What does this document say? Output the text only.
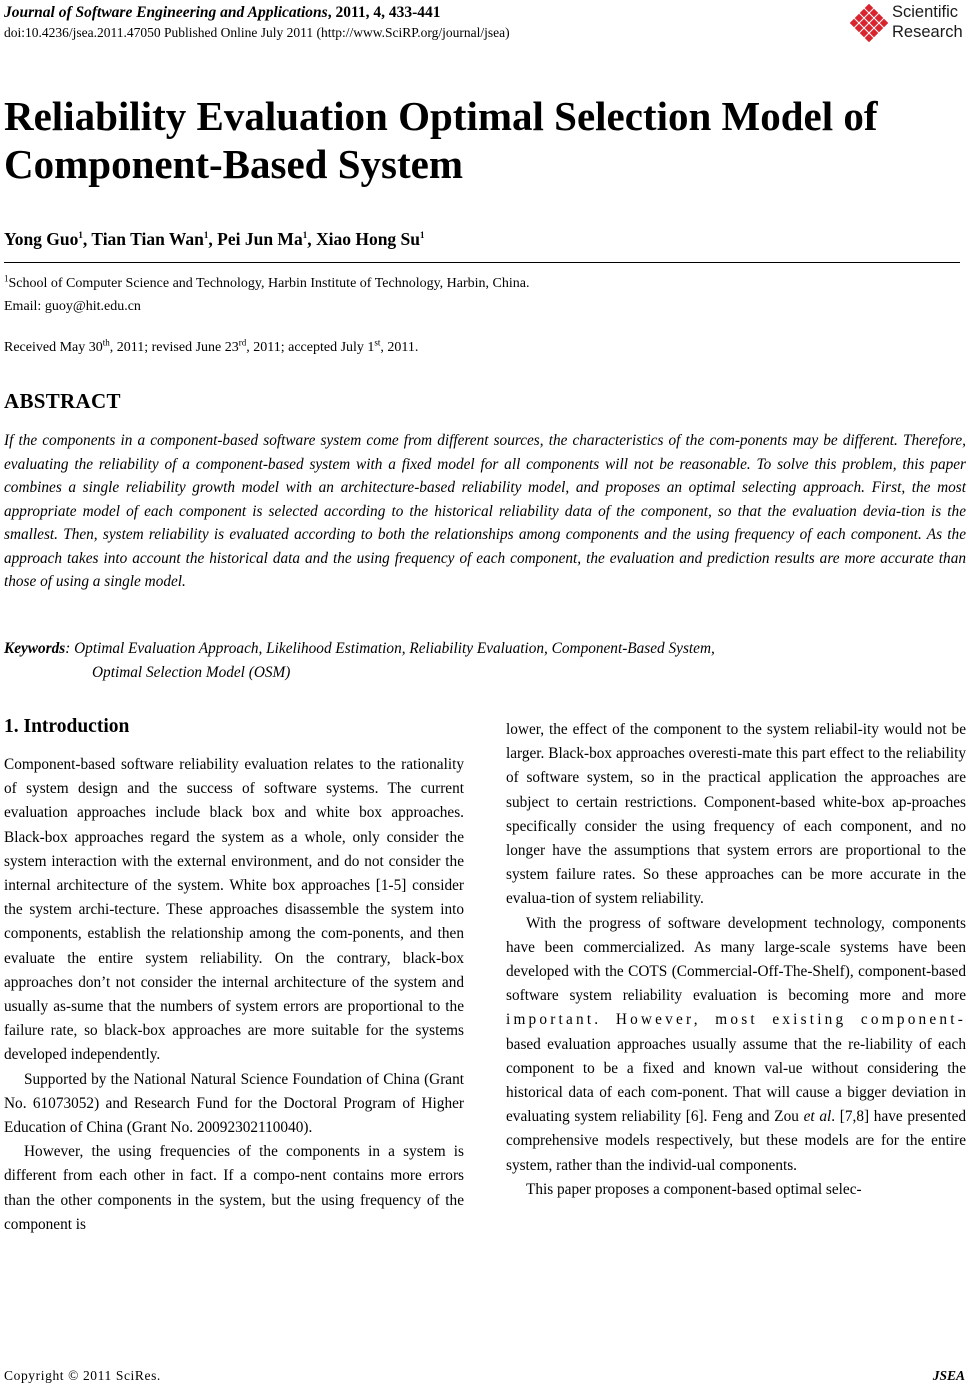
Journal of Software Engineering and Applications, 2011, 4, 433-441
doi:10.4236/jsea.2011.47050 Published Online July 2011 (http://www.SciRP.org/journal/jsea)
Scientific
Research
Reliability Evaluation Optimal Selection Model of
Component-Based System
Yong Guo$^1$, Tian Tian Wan$^1$, Pei Jun Ma$^1$, Xiao Hong Su$^1$
$^1$School of Computer Science and Technology, Harbin Institute of Technology, Harbin, China.
Email: guoy@hit.edu.cn
Received May 30th, 2011; revised June 23rd, 2011; accepted July 1st, 2011.
ABSTRACT

If the components in a component-based software system come from different sources, the characteristics of the com-ponents may be different. Therefore, evaluating the reliability of a component-based system with a fixed model for all components will not be reasonable. To solve this problem, this paper combines a single reliability growth model with an architecture-based reliability model, and proposes an optimal selecting approach. First, the most appropriate model of each component is selected according to the historical reliability data of the component, so that the evaluation devia-tion is the smallest. Then, system reliability is evaluated according to both the relationships among components and the using frequency of each component. As the approach takes into account the historical data and the using frequency of each component, the evaluation and prediction results are more accurate than those of using a single model.

Keywords: Optimal Evaluation Approach, Likelihood Estimation, Reliability Evaluation, Component-Based System,
Optimal Selection Model (OSM)

1. Introduction

Component-based software reliability evaluation relates to the rationality of system design and the success of software systems. The current evaluation approaches include black box and white box approaches. Black-box approaches regard the system as a whole, only consider the system interaction with the external environment, and do not consider the internal architecture of the system. White box approaches [1-5] consider the system archi-tecture. These approaches disassemble the system into components, establish the relationship among the com-ponents, and then evaluate the entire system reliability. On the contrary, black-box approaches don’t not consider the internal architecture of the system and usually as-sume that the numbers of system errors are proportional to the failure rate, so black-box approaches are more suitable for the systems developed independently.

Supported by the National Natural Science Foundation of China (Grant No. 61073052) and Research Fund for the Doctoral Program of Higher Education of China (Grant No. 20092302110040).

However, the using frequencies of the components in a system is different from each other in fact. If a compo-nent contains more errors than the other components in the system, but the using frequency of the component is

lower, the effect of the component to the system reliabil-ity would not be larger. Black-box approaches overesti-mate this part effect to the reliability of software system, so in the practical application the approaches are subject to certain restrictions. Component-based white-box ap-proaches specifically consider the using frequency of each component, and no longer have the assumptions that system errors are proportional to the system failure rates. So these approaches can be more accurate in the evalua-tion of system reliability.

With the progress of software development technology, components have been commercialized. As many large-scale systems have been developed with the COTS (Commercial-Off-The-Shelf), component-based software system reliability evaluation is becoming more and more important. However, most existing component- based evaluation approaches usually assume that the re-liability of each component to be a fixed and known val-ue without considering the historical data of each com-ponent. That will cause a bigger deviation in evaluating system reliability [6]. Feng and Zou et al. [7,8] have presented comprehensive models respectively, but these models are for the entire system, rather than the individ-ual components.

This paper proposes a component-based optimal selec-

Copyright © 2011 SciRes.	JSEA
